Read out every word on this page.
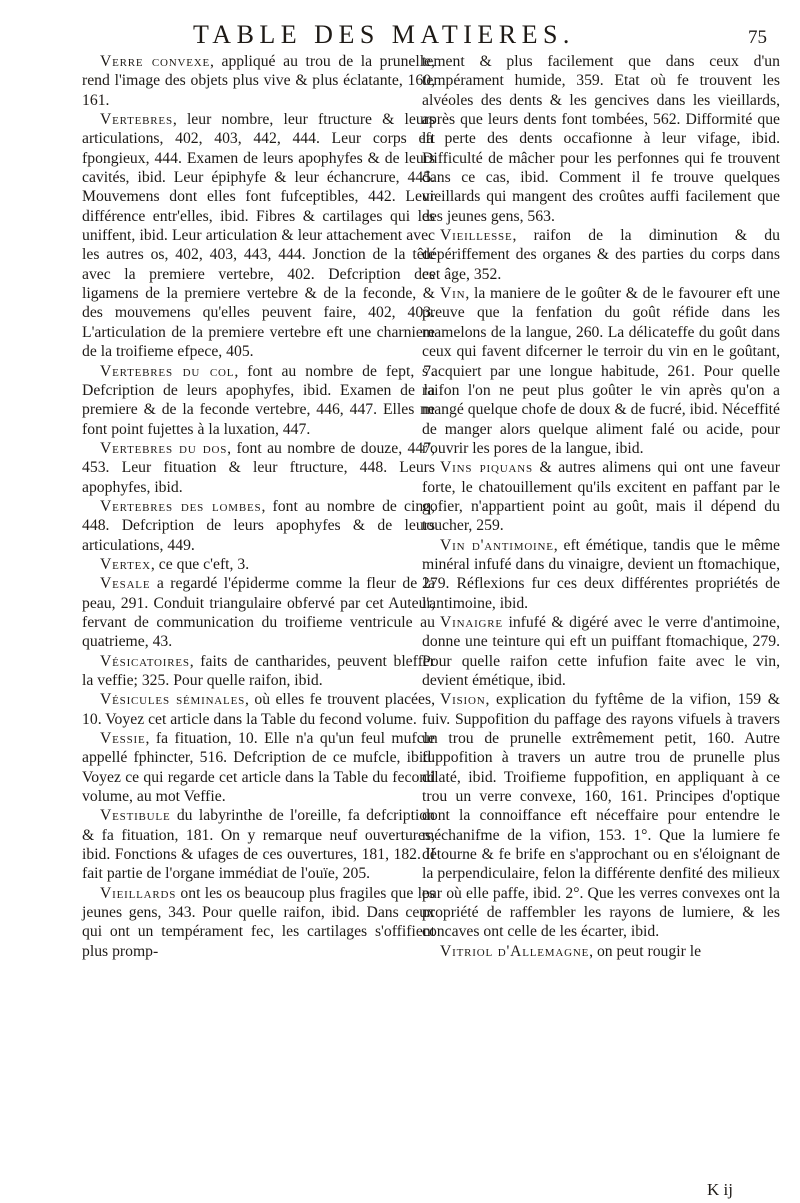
TABLE DES MATIERES.	75

Verre convexe, appliqué au trou de la prunelle, rend l'image des objets plus vive & plus éclatante, 160, 161.

Vertebres, leur nombre, leur ftructure & leurs articulations, 402, 403, 442, 444. Leur corps eft fpongieux, 444. Examen de leurs apophyfes & de leurs cavités, ibid. Leur épiphyfe & leur échancrure, 445. Mouvemens dont elles font fufceptibles, 442. Leur différence entr'elles, ibid. Fibres & cartilages qui les uniffent, ibid. Leur articulation & leur attachement avec les autres os, 402, 403, 443, 444. Jonction de la tête avec la premiere vertebre, 402. Defcription des ligamens de la premiere vertebre & de la feconde, & des mouvemens qu'elles peuvent faire, 402, 403. L'articulation de la premiere vertebre eft une charniere de la troifieme efpece, 405.

Vertebres du col, font au nombre de fept, 7. Defcription de leurs apophyfes, ibid. Examen de la premiere & de la feconde vertebre, 446, 447. Elles ne font point fujettes à la luxation, 447.

Vertebres du dos, font au nombre de douze, 447, 453. Leur fituation & leur ftructure, 448. Leurs apophyfes, ibid.

Vertebres des lombes, font au nombre de cinq, 448. Defcription de leurs apophyfes & de leurs articulations, 449.

Vertex, ce que c'eft, 3.

Vesale a regardé l'épiderme comme la fleur de la peau, 291. Conduit triangulaire obfervé par cet Auteur, fervant de communication du troifieme ventricule au quatrieme, 43.

Vésicatoires, faits de cantharides, peuvent bleffer la veffie; 325. Pour quelle raifon, ibid.

Vésicules séminales, où elles fe trouvent placées, 10. Voyez cet article dans la Table du fecond volume.

Vessie, fa fituation, 10. Elle n'a qu'un feul mufcle appellé fphincter, 516. Defcription de ce mufcle, ibid. Voyez ce qui regarde cet article dans la Table du fecond volume, au mot Veffie.

Vestibule du labyrinthe de l'oreille, fa defcription & fa fituation, 181. On y remarque neuf ouvertures, ibid. Fonctions & ufages de ces ouvertures, 181, 182. Il fait partie de l'organe immédiat de l'ouïe, 205.

Vieillards ont les os beaucoup plus fragiles que les jeunes gens, 343. Pour quelle raifon, ibid. Dans ceux qui ont un tempérament fec, les cartilages s'offifient plus promp-

tement & plus facilement que dans ceux d'un tempérament humide, 359. Etat où fe trouvent les alvéoles des dents & les gencives dans les vieillards, après que leurs dents font tombées, 562. Difformité que la perte des dents occafionne à leur vifage, ibid. Difficulté de mâcher pour les perfonnes qui fe trouvent dans ce cas, ibid. Comment il fe trouve quelques vieillards qui mangent des croûtes auffi facilement que des jeunes gens, 563.

Vieillesse, raifon de la diminution & du dépériffement des organes & des parties du corps dans cet âge, 352.

Vin, la maniere de le goûter & de le favourer eft une preuve que la fenfation du goût réfide dans les mamelons de la langue, 260. La délicateffe du goût dans ceux qui favent difcerner le terroir du vin en le goûtant, s'acquiert par une longue habitude, 261. Pour quelle raifon l'on ne peut plus goûter le vin après qu'on a mangé quelque chofe de doux & de fucré, ibid. Néceffité de manger alors quelque aliment falé ou acide, pour r'ouvrir les pores de la langue, ibid.

Vins piquans & autres alimens qui ont une faveur forte, le chatouillement qu'ils excitent en paffant par le gofier, n'appartient point au goût, mais il dépend du toucher, 259.

Vin d'antimoine, eft émétique, tandis que le même minéral infufé dans du vinaigre, devient un ftomachique, 279. Réflexions fur ces deux différentes propriétés de l'antimoine, ibid.

Vinaigre infufé & digéré avec le verre d'antimoine, donne une teinture qui eft un puiffant ftomachique, 279. Pour quelle raifon cette infufion faite avec le vin, devient émétique, ibid.

Vision, explication du fyftême de la vifion, 159 & fuiv. Suppofition du paffage des rayons vifuels à travers un trou de prunelle extrêmement petit, 160. Autre fuppofition à travers un autre trou de prunelle plus dilaté, ibid. Troifieme fuppofition, en appliquant à ce trou un verre convexe, 160, 161. Principes d'optique dont la connoiffance eft néceffaire pour entendre le méchanifme de la vifion, 153. 1°. Que la lumiere fe détourne & fe brife en s'approchant ou en s'éloignant de la perpendiculaire, felon la différente denfité des milieux par où elle paffe, ibid. 2°. Que les verres convexes ont la propriété de raffembler les rayons de lumiere, & les concaves ont celle de les écarter, ibid.

Vitriol d'Allemagne, on peut rougir le

K ij
